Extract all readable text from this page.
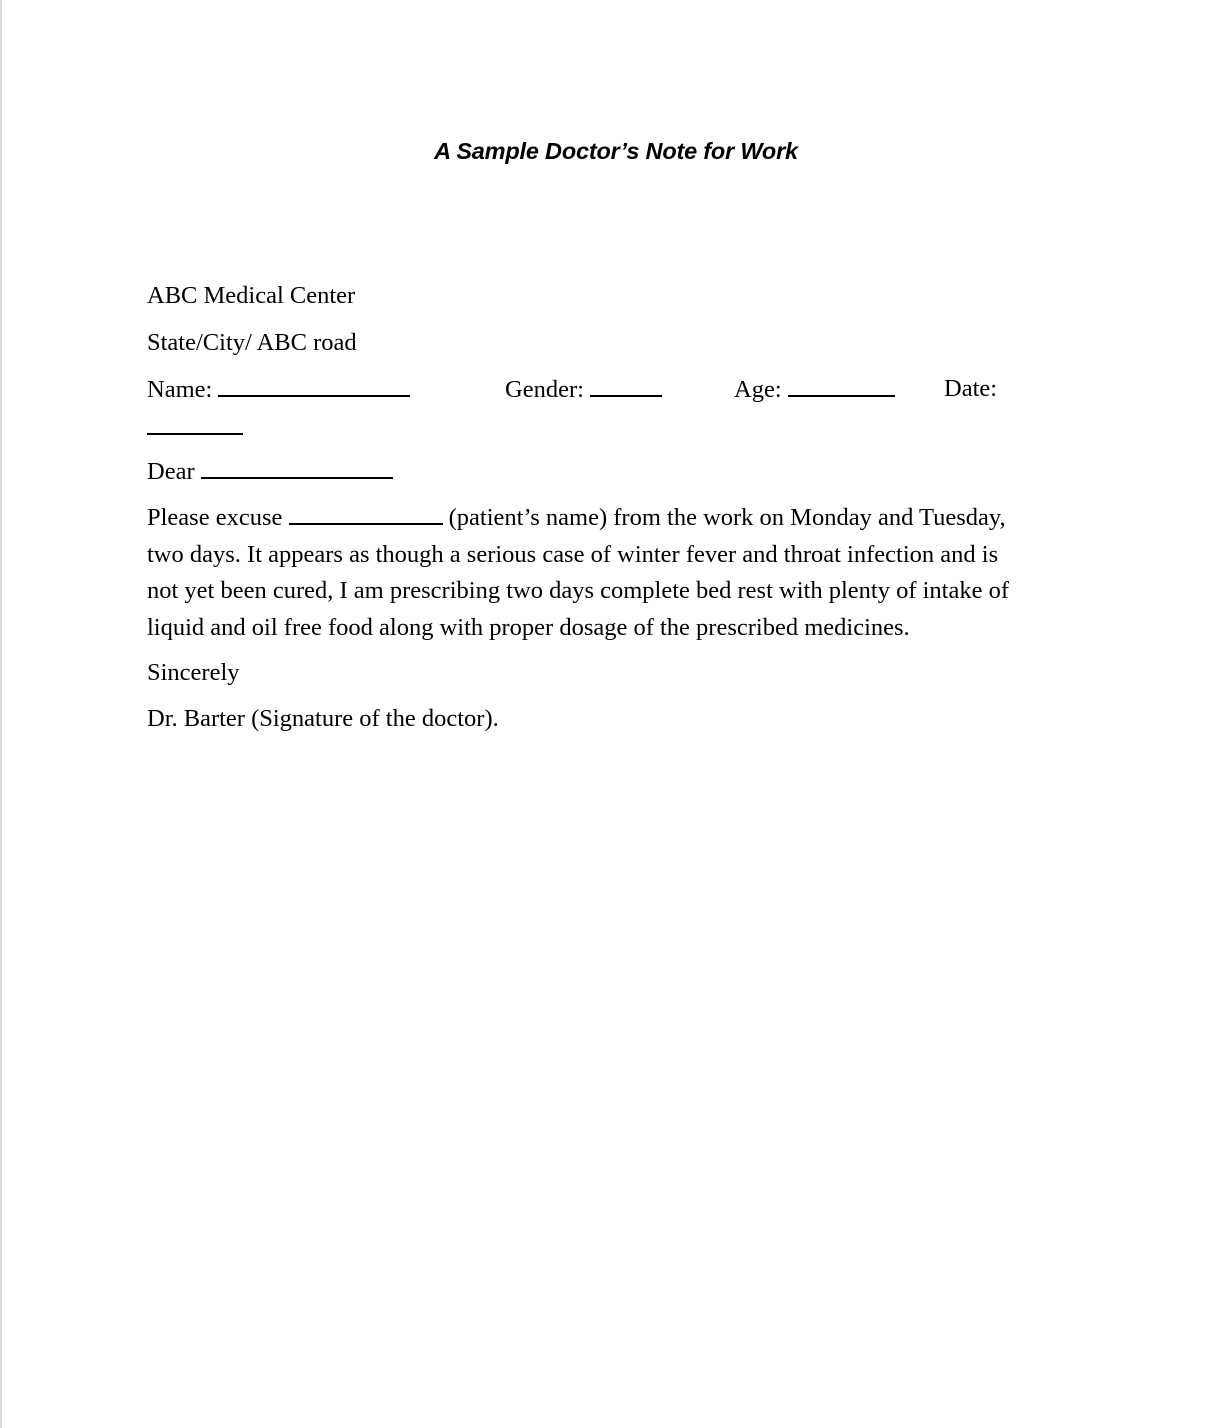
A Sample Doctor’s Note for Work
ABC Medical Center
State/City/ ABC road
Name:	Gender:	Age:	Date:
Dear
Please excuse	(patient’s name) from the work on Monday and Tuesday,
two days. It appears as though a serious case of winter fever and throat infection and is
not yet been cured, I am prescribing two days complete bed rest with plenty of intake of
liquid and oil free food along with proper dosage of the prescribed medicines.
Sincerely
Dr. Barter (Signature of the doctor).
